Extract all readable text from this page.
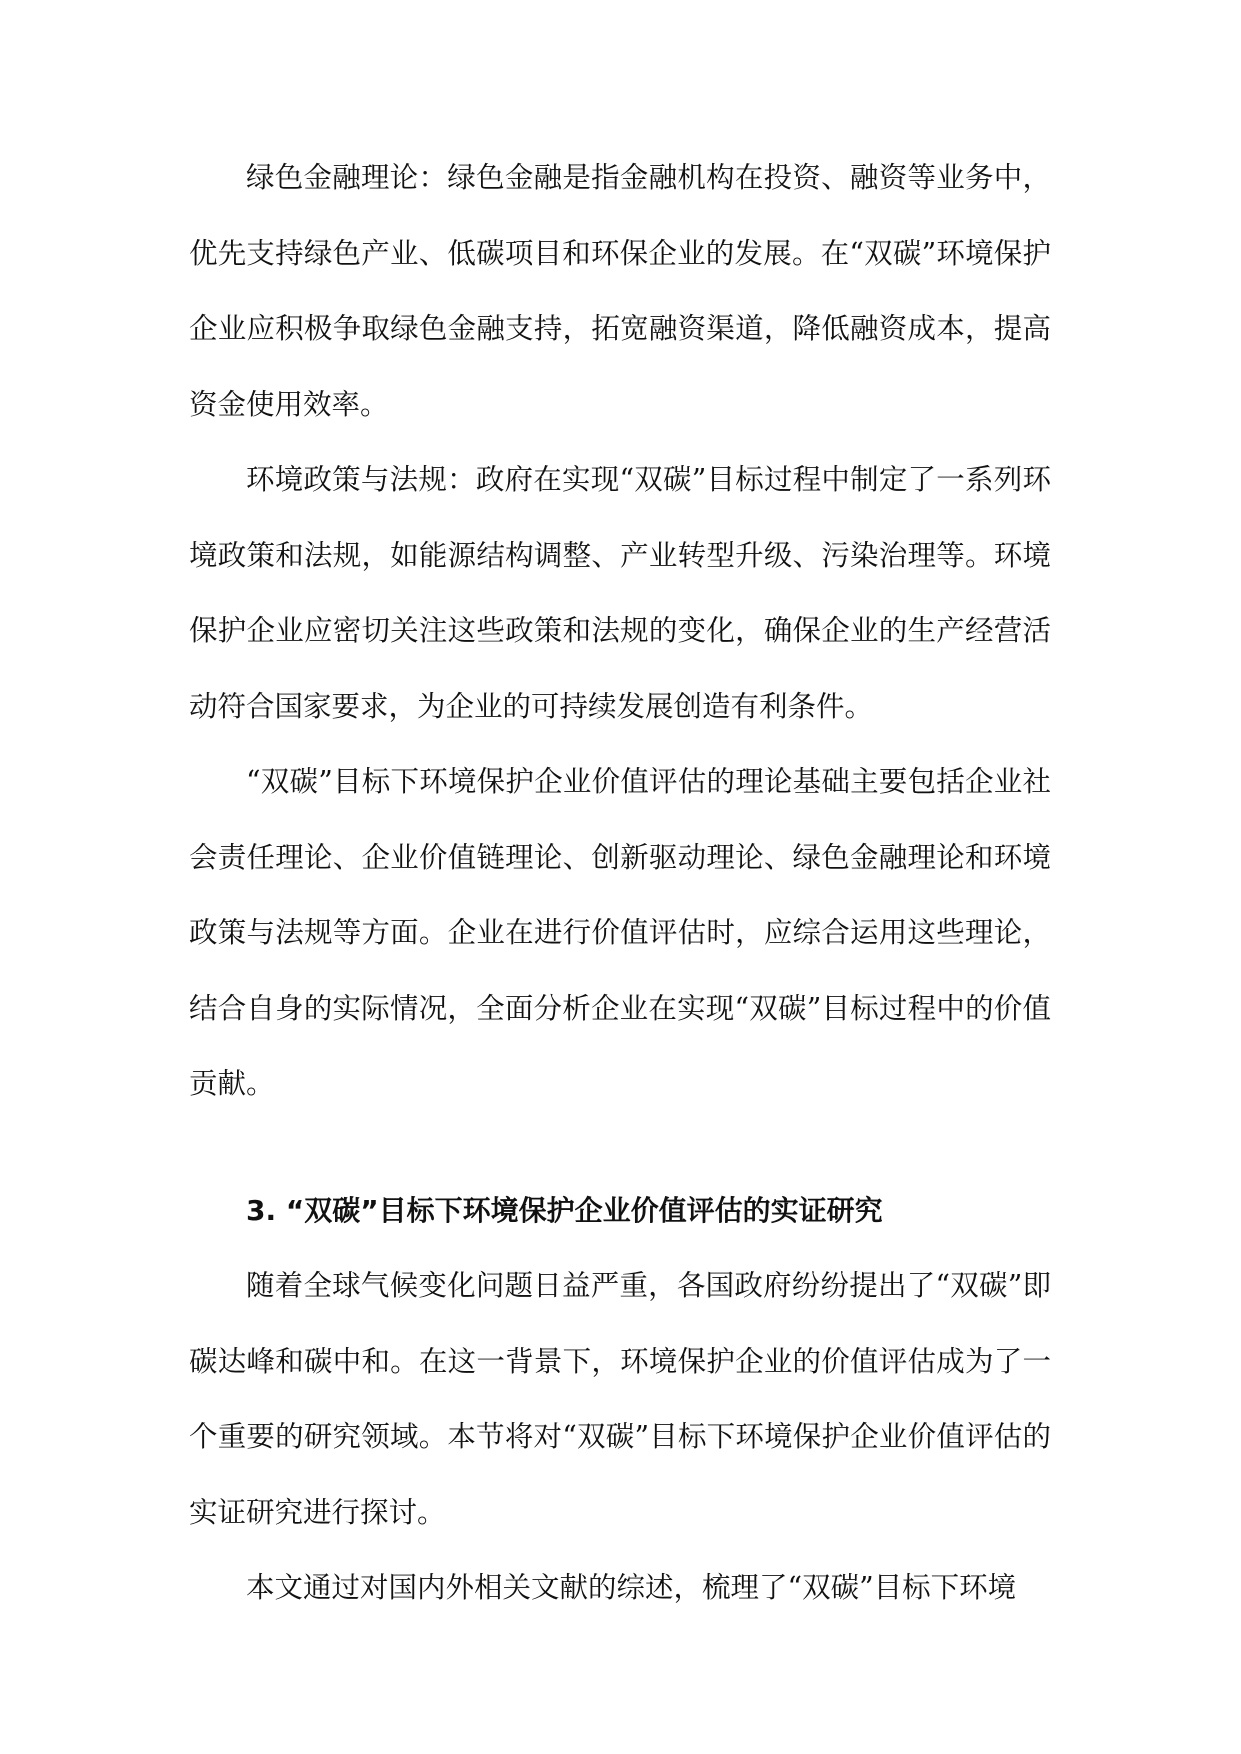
绿色金融理论：绿色金融是指金融机构在投资、融资等业务中，优先支持绿色产业、低碳项目和环保企业的发展。在“双碳”环境保护企业应积极争取绿色金融支持，拓宽融资渠道，降低融资成本，提高资金使用效率。

环境政策与法规：政府在实现“双碳”目标过程中制定了一系列环境政策和法规，如能源结构调整、产业转型升级、污染治理等。环境保护企业应密切关注这些政策和法规的变化，确保企业的生产经营活动符合国家要求，为企业的可持续发展创造有利条件。

“双碳”目标下环境保护企业价值评估的理论基础主要包括企业社会责任理论、企业价值链理论、创新驱动理论、绿色金融理论和环境政策与法规等方面。企业在进行价值评估时，应综合运用这些理论，结合自身的实际情况，全面分析企业在实现“双碳”目标过程中的价值贡献。

3. “双碳”目标下环境保护企业价值评估的实证研究

随着全球气候变化问题日益严重，各国政府纷纷提出了“双碳”即碳达峰和碳中和。在这一背景下，环境保护企业的价值评估成为了一个重要的研究领域。本节将对“双碳”目标下环境保护企业价值评估的实证研究进行探讨。

本文通过对国内外相关文献的综述，梳理了“双碳”目标下环境
